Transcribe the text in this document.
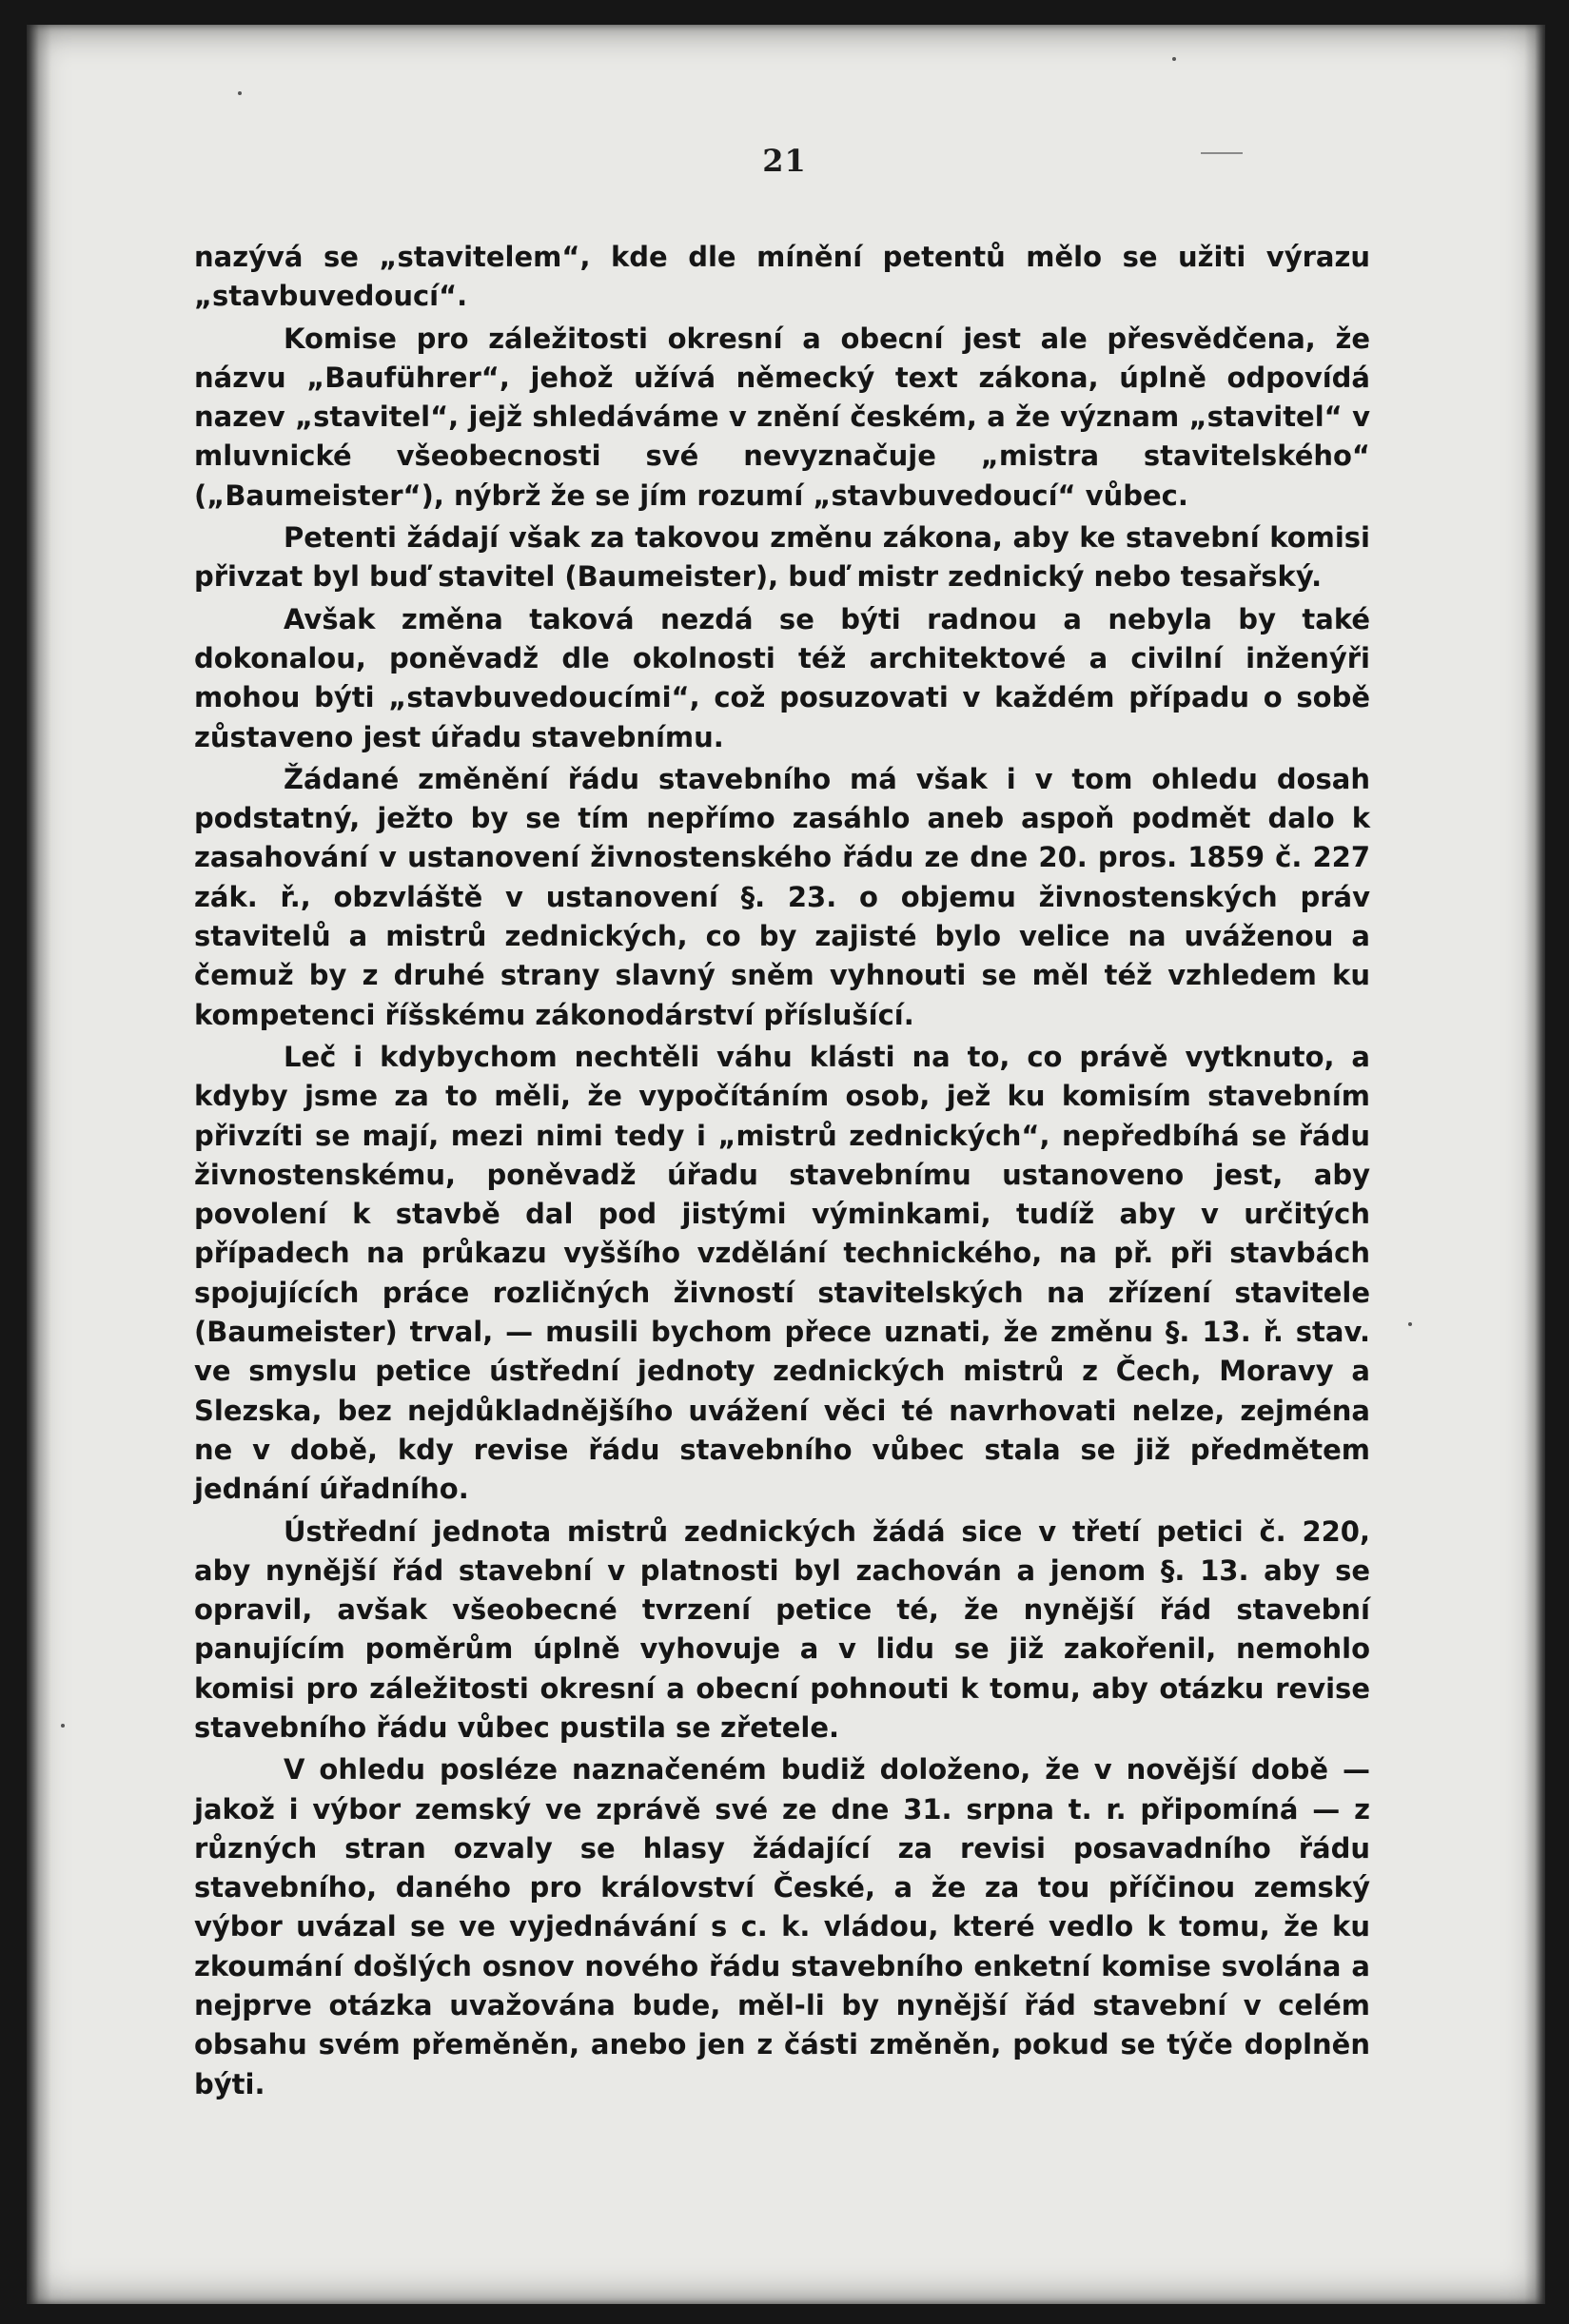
21

nazývá se „stavitelem“, kde dle mínění petentů mělo se užiti výrazu „stavbuvedoucí“.

Komise pro záležitosti okresní a obecní jest ale přesvědčena, že názvu „Bauführer“, jehož užívá německý text zákona, úplně odpovídá nazev „stavitel“, jejž shledáváme v znění českém, a že význam „stavitel“ v mluvnické všeobecnosti své nevyznačuje „mistra stavitelského“ („Baumeister“), nýbrž že se jím rozumí „stavbuvedoucí“ vůbec.

Petenti žádají však za takovou změnu zákona, aby ke stavební komisi přivzat byl buď stavitel (Baumeister), buď mistr zednický nebo tesařský.

Avšak změna taková nezdá se býti radnou a nebyla by také dokonalou, poněvadž dle okolnosti též architektové a civilní inženýři mohou býti „stavbuvedoucími“, což posuzovati v každém případu o sobě zůstaveno jest úřadu stavebnímu.

Žádané změnění řádu stavebního má však i v tom ohledu dosah podstatný, ježto by se tím nepřímo zasáhlo aneb aspoň podmět dalo k zasahování v ustanovení živnostenského řádu ze dne 20. pros. 1859 č. 227 zák. ř., obzvláště v ustanovení §. 23. o objemu živnostenských práv stavitelů a mistrů zednických, co by zajisté bylo velice na uváženou a čemuž by z druhé strany slavný sněm vyhnouti se měl též vzhledem ku kompetenci říšskému zákonodárství příslušící.

Leč i kdybychom nechtěli váhu klásti na to, co právě vytknuto, a kdyby jsme za to měli, že vypočítáním osob, jež ku komisím stavebním přivzíti se mají, mezi nimi tedy i „mistrů zednických“, nepředbíhá se řádu živnostenskému, poněvadž úřadu stavebnímu ustanoveno jest, aby povolení k stavbě dal pod jistými výminkami, tudíž aby v určitých případech na průkazu vyššího vzdělání technického, na př. při stavbách spojujících práce rozličných živností stavitelských na zřízení stavitele (Baumeister) trval, — musili bychom přece uznati, že změnu §. 13. ř. stav. ve smyslu petice ústřední jednoty zednických mistrů z Čech, Moravy a Slezska, bez nejdůkladnějšího uvážení věci té navrhovati nelze, zejména ne v době, kdy revise řádu stavebního vůbec stala se již předmětem jednání úřadního.

Ústřední jednota mistrů zednických žádá sice v třetí petici č. 220, aby nynější řád stavební v platnosti byl zachován a jenom §. 13. aby se opravil, avšak všeobecné tvrzení petice té, že nynější řád stavební panujícím poměrům úplně vyhovuje a v lidu se již zakořenil, nemohlo komisi pro záležitosti okresní a obecní pohnouti k tomu, aby otázku revise stavebního řádu vůbec pustila se zřetele.

V ohledu posléze naznačeném budiž doloženo, že v novější době — jakož i výbor zemský ve zprávě své ze dne 31. srpna t. r. připomíná — z různých stran ozvaly se hlasy žádající za revisi posavadního řádu stavebního, daného pro království České, a že za tou příčinou zemský výbor uvázal se ve vyjednávání s c. k. vládou, které vedlo k tomu, že ku zkoumání došlých osnov nového řádu stavebního enketní komise svolána a nejprve otázka uvažována bude, měl-li by nynější řád stavební v celém obsahu svém přeměněn, anebo jen z části změněn, pokud se týče doplněn býti.
